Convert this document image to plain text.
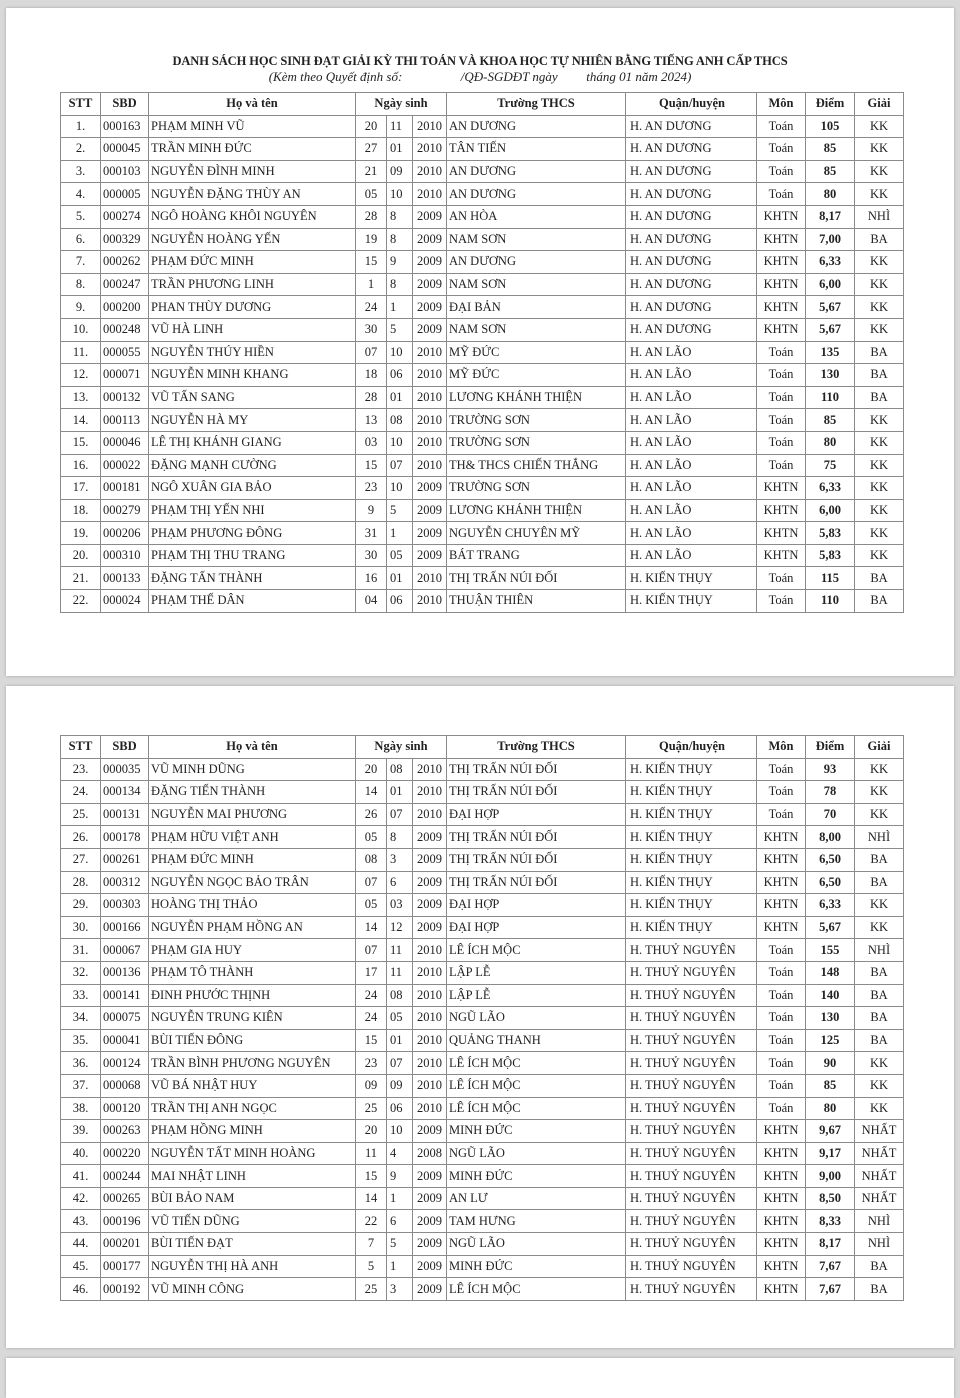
DANH SÁCH HỌC SINH ĐẠT GIẢI KỲ THI TOÁN VÀ KHOA HỌC TỰ NHIÊN BẰNG TIẾNG ANH CẤP THCS
(Kèm theo Quyết định số:	/QĐ-SGDĐT ngày tháng 01 năm 2024)
STT	SBD	Họ và tên	Ngày sinh			Trường THCS	Quận/huyện	Môn	Điểm	Giải
1.	000163	PHẠM MINH VŨ	20	11	2010	AN DƯƠNG	H. AN DƯƠNG	Toán	105	KK
2.	000045	TRẦN MINH ĐỨC	27	01	2010	TÂN TIẾN	H. AN DƯƠNG	Toán	85	KK
3.	000103	NGUYỄN ĐÌNH MINH	21	09	2010	AN DƯƠNG	H. AN DƯƠNG	Toán	85	KK
4.	000005	NGUYỄN ĐẶNG THÙY AN	05	10	2010	AN DƯƠNG	H. AN DƯƠNG	Toán	80	KK
5.	000274	NGÔ HOÀNG KHÔI NGUYÊN	28	8	2009	AN HÒA	H. AN DƯƠNG	KHTN	8,17	NHÌ
6.	000329	NGUYỄN HOÀNG YẾN	19	8	2009	NAM SƠN	H. AN DƯƠNG	KHTN	7,00	BA
7.	000262	PHẠM ĐỨC MINH	15	9	2009	AN DƯƠNG	H. AN DƯƠNG	KHTN	6,33	KK
8.	000247	TRẦN PHƯƠNG LINH	1	8	2009	NAM SƠN	H. AN DƯƠNG	KHTN	6,00	KK
9.	000200	PHAN THÙY DƯƠNG	24	1	2009	ĐẠI BẢN	H. AN DƯƠNG	KHTN	5,67	KK
10.	000248	VŨ HÀ LINH	30	5	2009	NAM SƠN	H. AN DƯƠNG	KHTN	5,67	KK
11.	000055	NGUYỄN THÚY HIỀN	07	10	2010	MỸ ĐỨC	H. AN LÃO	Toán	135	BA
12.	000071	NGUYỄN MINH KHANG	18	06	2010	MỸ ĐỨC	H. AN LÃO	Toán	130	BA
13.	000132	VŨ TẤN SANG	28	01	2010	LƯƠNG KHÁNH THIỆN	H. AN LÃO	Toán	110	BA
14.	000113	NGUYỄN HÀ MY	13	08	2010	TRƯỜNG SƠN	H. AN LÃO	Toán	85	KK
15.	000046	LÊ THỊ KHÁNH GIANG	03	10	2010	TRƯỜNG SƠN	H. AN LÃO	Toán	80	KK
16.	000022	ĐẶNG MẠNH CƯỜNG	15	07	2010	TH& THCS CHIẾN THẮNG	H. AN LÃO	Toán	75	KK
17.	000181	NGÔ XUÂN GIA BẢO	23	10	2009	TRƯỜNG SƠN	H. AN LÃO	KHTN	6,33	KK
18.	000279	PHẠM THỊ YẾN NHI	9	5	2009	LƯƠNG KHÁNH THIỆN	H. AN LÃO	KHTN	6,00	KK
19.	000206	PHẠM PHƯƠNG ĐÔNG	31	1	2009	NGUYỄN CHUYÊN MỸ	H. AN LÃO	KHTN	5,83	KK
20.	000310	PHẠM THỊ THU TRANG	30	05	2009	BÁT TRANG	H. AN LÃO	KHTN	5,83	KK
21.	000133	ĐẶNG TẤN THÀNH	16	01	2010	THỊ TRẤN NÚI ĐỐI	H. KIẾN THỤY	Toán	115	BA
22.	000024	PHẠM THẾ DÂN	04	06	2010	THUẬN THIÊN	H. KIẾN THỤY	Toán	110	BA
STT	SBD	Họ và tên	Ngày sinh			Trường THCS	Quận/huyện	Môn	Điểm	Giải
23.	000035	VŨ MINH DŨNG	20	08	2010	THỊ TRẤN NÚI ĐỐI	H. KIẾN THỤY	Toán	93	KK
24.	000134	ĐẶNG TIẾN THÀNH	14	01	2010	THỊ TRẤN NÚI ĐỐI	H. KIẾN THỤY	Toán	78	KK
25.	000131	NGUYỄN MAI PHƯƠNG	26	07	2010	ĐẠI HỢP	H. KIẾN THỤY	Toán	70	KK
26.	000178	PHẠM HỮU VIỆT ANH	05	8	2009	THỊ TRẤN NÚI ĐỐI	H. KIẾN THỤY	KHTN	8,00	NHÌ
27.	000261	PHẠM ĐỨC MINH	08	3	2009	THỊ TRẤN NÚI ĐỐI	H. KIẾN THỤY	KHTN	6,50	BA
28.	000312	NGUYỄN NGỌC BẢO TRÂN	07	6	2009	THỊ TRẤN NÚI ĐỐI	H. KIẾN THỤY	KHTN	6,50	BA
29.	000303	HOÀNG THỊ THẢO	05	03	2009	ĐẠI HỢP	H. KIẾN THỤY	KHTN	6,33	KK
30.	000166	NGUYỄN PHẠM HỒNG AN	14	12	2009	ĐẠI HỢP	H. KIẾN THỤY	KHTN	5,67	KK
31.	000067	PHẠM GIA HUY	07	11	2010	LÊ ÍCH MỘC	H. THUỶ NGUYÊN	Toán	155	NHÌ
32.	000136	PHẠM TÔ THÀNH	17	11	2010	LẬP LỄ	H. THUỶ NGUYÊN	Toán	148	BA
33.	000141	ĐINH PHƯỚC THỊNH	24	08	2010	LẬP LỄ	H. THUỶ NGUYÊN	Toán	140	BA
34.	000075	NGUYỄN TRUNG KIÊN	24	05	2010	NGŨ LÃO	H. THUỶ NGUYÊN	Toán	130	BA
35.	000041	BÙI TIẾN ĐÔNG	15	01	2010	QUẢNG THANH	H. THUỶ NGUYÊN	Toán	125	BA
36.	000124	TRẦN BÌNH PHƯƠNG NGUYÊN	23	07	2010	LÊ ÍCH MỘC	H. THUỶ NGUYÊN	Toán	90	KK
37.	000068	VŨ BÁ NHẬT HUY	09	09	2010	LÊ ÍCH MỘC	H. THUỶ NGUYÊN	Toán	85	KK
38.	000120	TRẦN THỊ ANH NGỌC	25	06	2010	LÊ ÍCH MỘC	H. THUỶ NGUYÊN	Toán	80	KK
39.	000263	PHẠM HỒNG MINH	20	10	2009	MINH ĐỨC	H. THUỶ NGUYÊN	KHTN	9,67	NHẤT
40.	000220	NGUYỄN TẤT MINH HOÀNG	11	4	2008	NGŨ LÃO	H. THUỶ NGUYÊN	KHTN	9,17	NHẤT
41.	000244	MAI NHẬT LINH	15	9	2009	MINH ĐỨC	H. THUỶ NGUYÊN	KHTN	9,00	NHẤT
42.	000265	BÙI BẢO NAM	14	1	2009	AN LƯ	H. THUỶ NGUYÊN	KHTN	8,50	NHẤT
43.	000196	VŨ TIẾN DŨNG	22	6	2009	TAM HƯNG	H. THUỶ NGUYÊN	KHTN	8,33	NHÌ
44.	000201	BÙI TIẾN ĐẠT	7	5	2009	NGŨ LÃO	H. THUỶ NGUYÊN	KHTN	8,17	NHÌ
45.	000177	NGUYỄN THỊ HÀ ANH	5	1	2009	MINH ĐỨC	H. THUỶ NGUYÊN	KHTN	7,67	BA
46.	000192	VŨ MINH CÔNG	25	3	2009	LÊ ÍCH MỘC	H. THUỶ NGUYÊN	KHTN	7,67	BA
